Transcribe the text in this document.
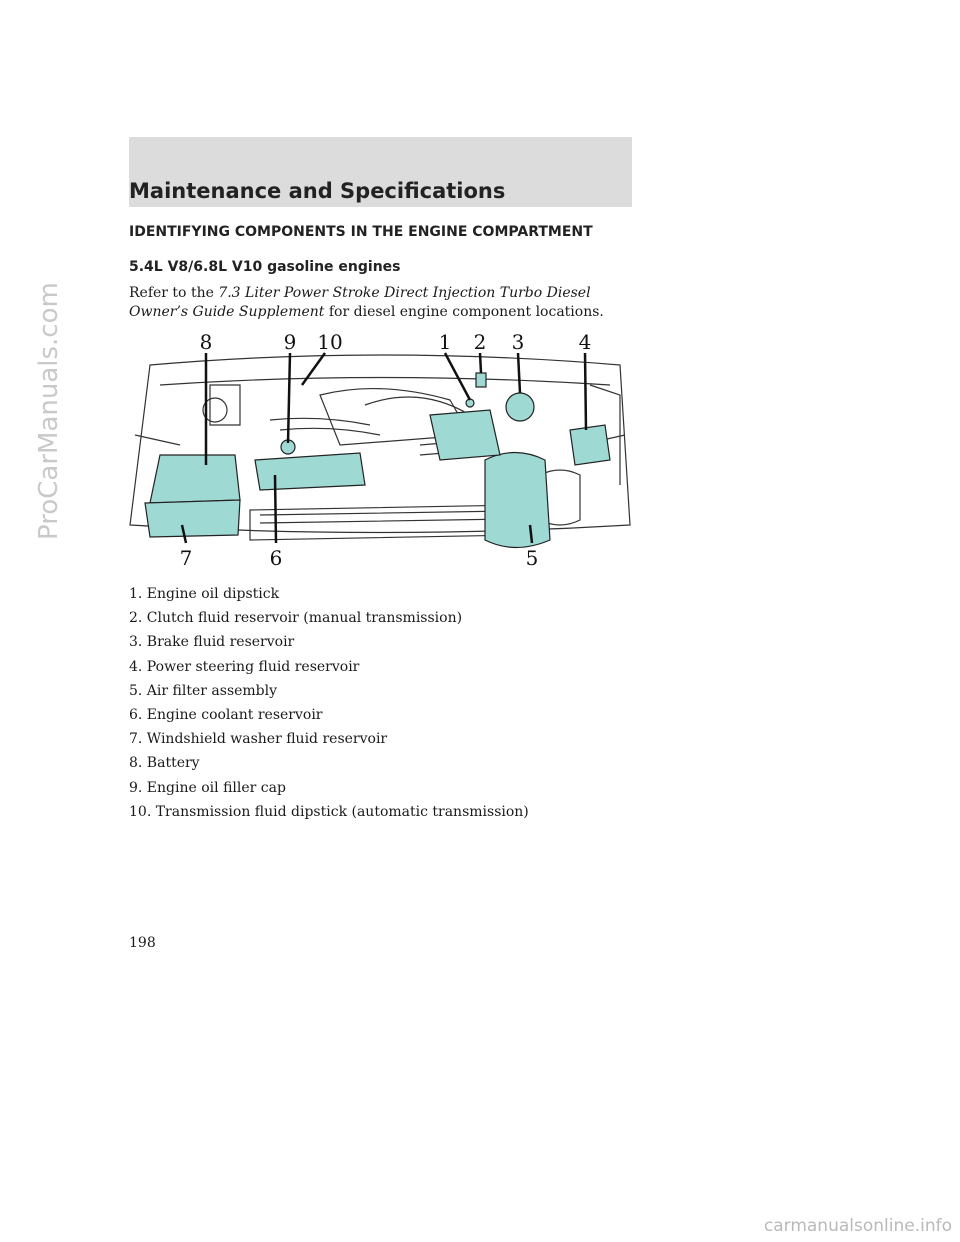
Maintenance and Specifications
IDENTIFYING COMPONENTS IN THE ENGINE COMPARTMENT
5.4L V8/6.8L V10 gasoline engines
Refer to the 7.3 Liter Power Stroke Direct Injection Turbo Diesel Owner’s Guide Supplement for diesel engine component locations.
8	9 10	1 2 3	4
7	6	5
1. Engine oil dipstick
2. Clutch fluid reservoir (manual transmission)
3. Brake fluid reservoir
4. Power steering fluid reservoir
5. Air filter assembly
6. Engine coolant reservoir
7. Windshield washer fluid reservoir
8. Battery
9. Engine oil filler cap
10. Transmission fluid dipstick (automatic transmission)
198
ProCarManuals.com
carmanualsonline.info
